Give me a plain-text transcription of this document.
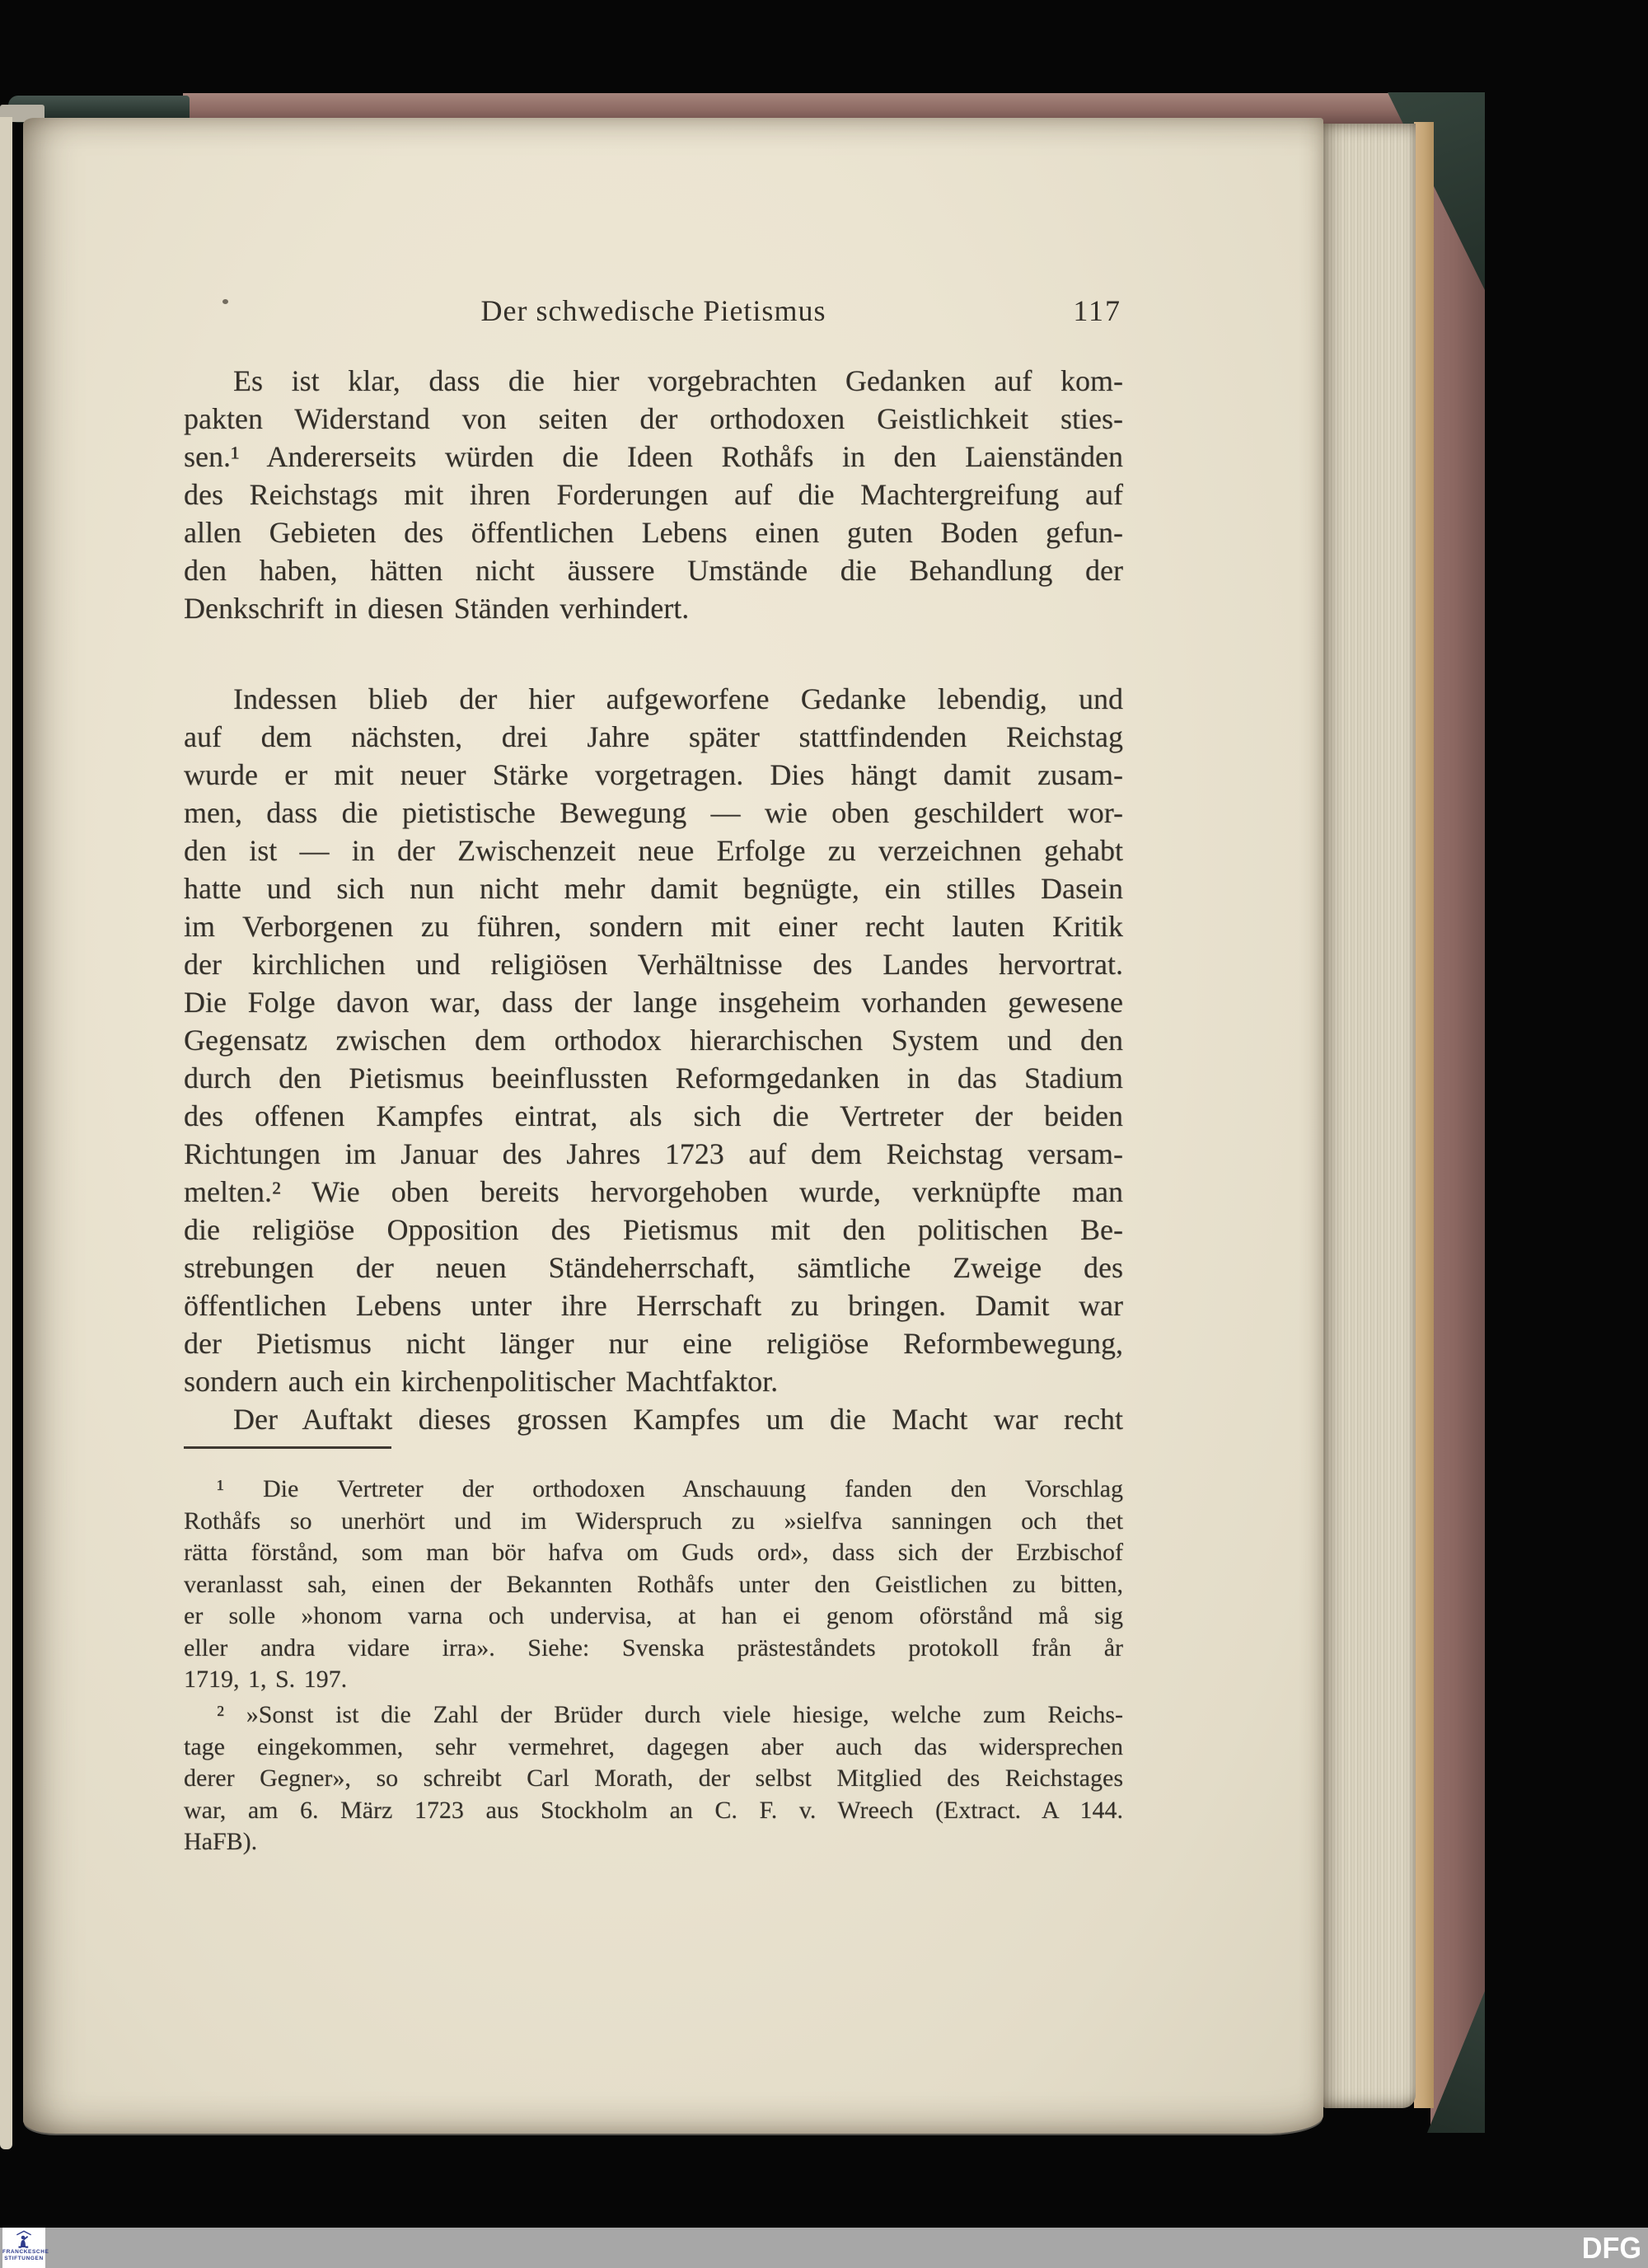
Der schwedische Pietismus	117
Es ist klar, dass die hier vorgebrachten Gedanken auf kom-
pakten Widerstand von seiten der orthodoxen Geistlichkeit sties-
sen.¹ Andererseits würden die Ideen Rothåfs in den Laienständen
des Reichstags mit ihren Forderungen auf die Machtergreifung auf
allen Gebieten des öffentlichen Lebens einen guten Boden gefun-
den haben, hätten nicht äussere Umstände die Behandlung der
Denkschrift in diesen Ständen verhindert.
Indessen blieb der hier aufgeworfene Gedanke lebendig, und
auf dem nächsten, drei Jahre später stattfindenden Reichstag
wurde er mit neuer Stärke vorgetragen. Dies hängt damit zusam-
men, dass die pietistische Bewegung — wie oben geschildert wor-
den ist — in der Zwischenzeit neue Erfolge zu verzeichnen gehabt
hatte und sich nun nicht mehr damit begnügte, ein stilles Dasein
im Verborgenen zu führen, sondern mit einer recht lauten Kritik
der kirchlichen und religiösen Verhältnisse des Landes hervortrat.
Die Folge davon war, dass der lange insgeheim vorhanden gewesene
Gegensatz zwischen dem orthodox hierarchischen System und den
durch den Pietismus beeinflussten Reformgedanken in das Stadium
des offenen Kampfes eintrat, als sich die Vertreter der beiden
Richtungen im Januar des Jahres 1723 auf dem Reichstag versam-
melten.² Wie oben bereits hervorgehoben wurde, verknüpfte man
die religiöse Opposition des Pietismus mit den politischen Be-
strebungen der neuen Ständeherrschaft, sämtliche Zweige des
öffentlichen Lebens unter ihre Herrschaft zu bringen. Damit war
der Pietismus nicht länger nur eine religiöse Reformbewegung,
sondern auch ein kirchenpolitischer Machtfaktor.
Der Auftakt dieses grossen Kampfes um die Macht war recht
¹ Die Vertreter der orthodoxen Anschauung fanden den Vorschlag
Rothåfs so unerhört und im Widerspruch zu »sielfva sanningen och thet
rätta förstånd, som man bör hafva om Guds ord», dass sich der Erzbischof
veranlasst sah, einen der Bekannten Rothåfs unter den Geistlichen zu bitten,
er solle »honom varna och undervisa, at han ei genom oförstånd må sig
eller andra vidare irra». Siehe: Svenska prästeståndets protokoll från år
1719, 1, S. 197.
² »Sonst ist die Zahl der Brüder durch viele hiesige, welche zum Reichs-
tage eingekommen, sehr vermehret, dagegen aber auch das widersprechen
derer Gegner», so schreibt Carl Morath, der selbst Mitglied des Reichstages
war, am 6. März 1723 aus Stockholm an C. F. v. Wreech (Extract. A 144.
HaFB).
FRANCKESCHE
STIFTUNGEN	DFG
